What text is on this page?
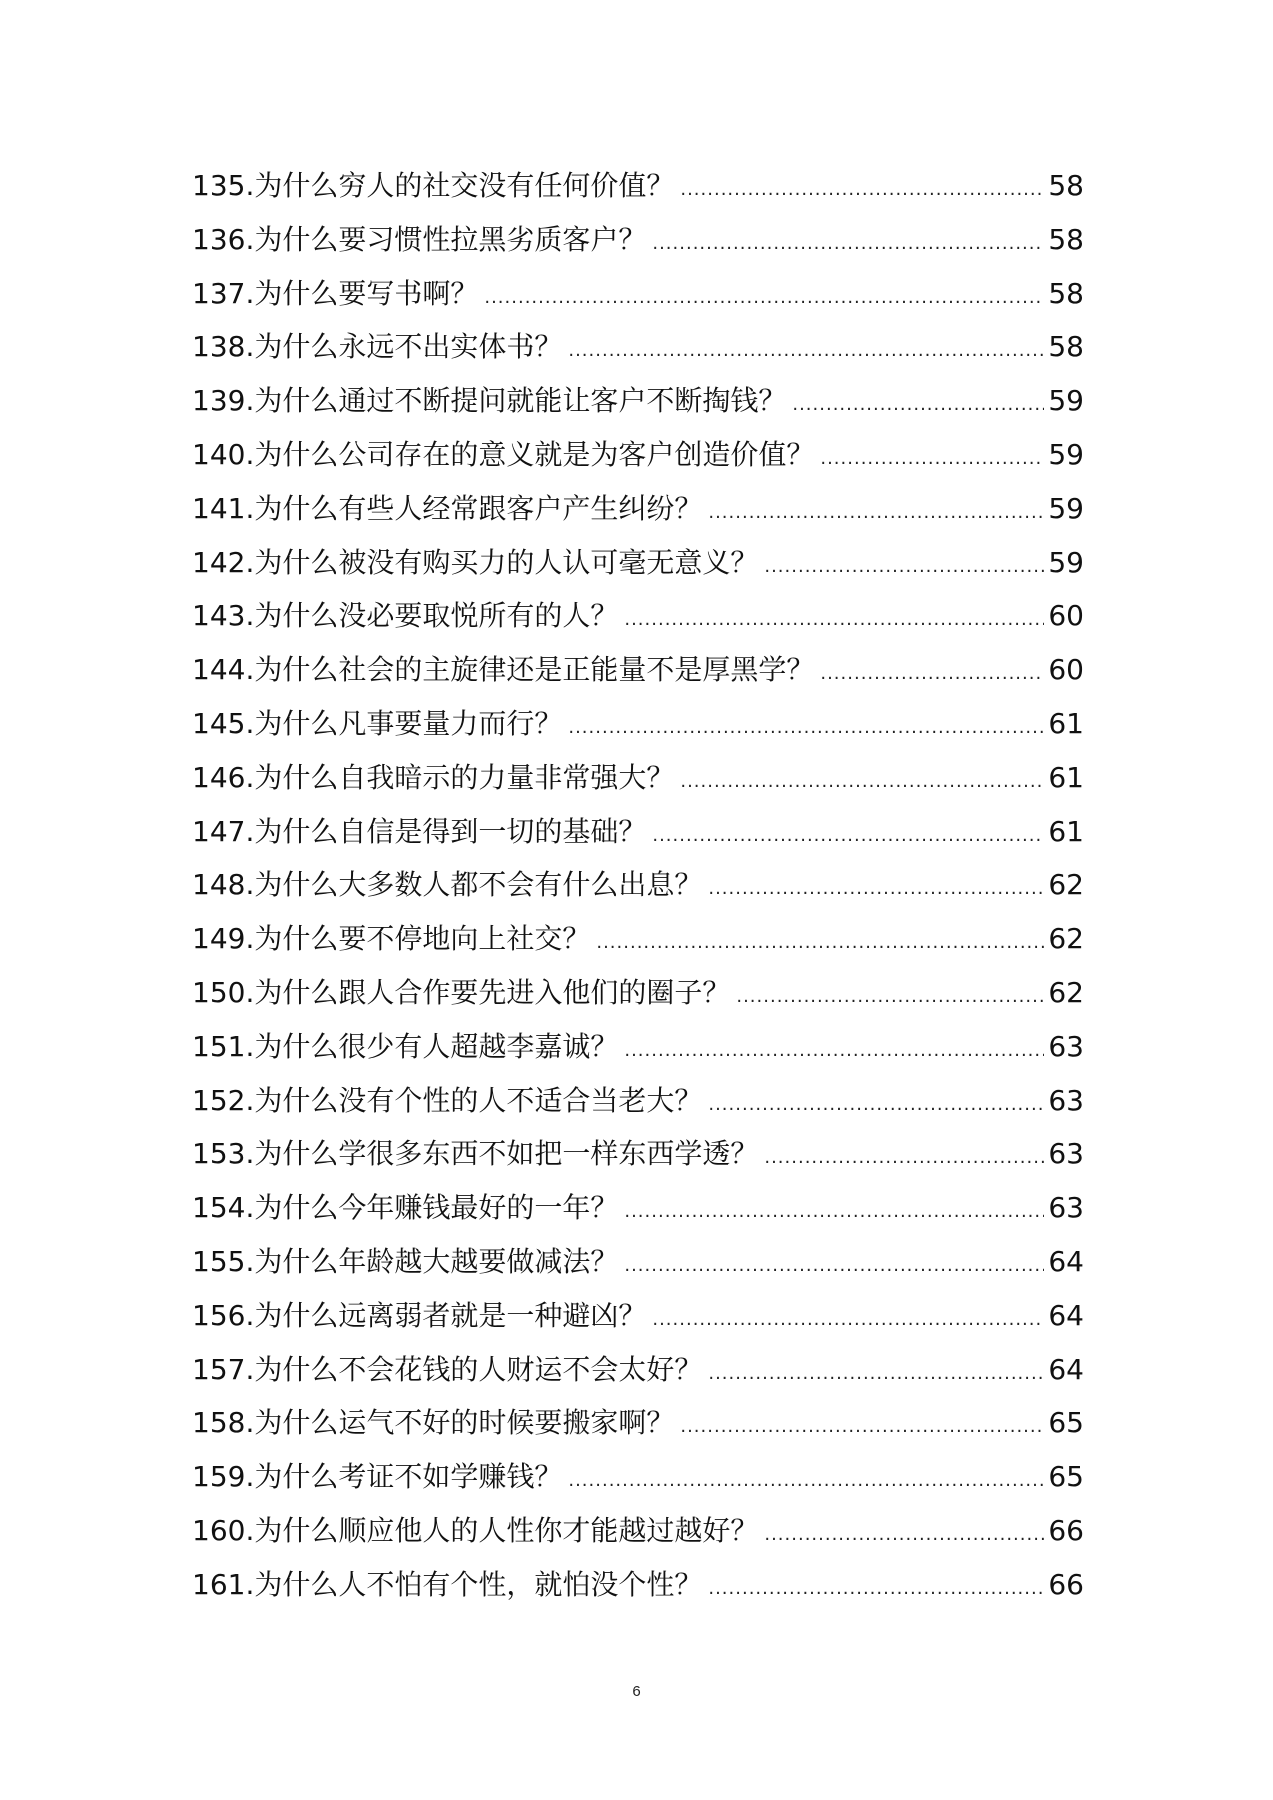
135.为什么穷人的社交没有任何价值？ .....	58
136.为什么要习惯性拉黑劣质客户？ .....	58
137.为什么要写书啊？ .....	58
138.为什么永远不出实体书？ .....	58
139.为什么通过不断提问就能让客户不断掏钱？ .....	59
140.为什么公司存在的意义就是为客户创造价值？ .....	59
141.为什么有些人经常跟客户产生纠纷？ .....	59
142.为什么被没有购买力的人认可毫无意义？ .....	59
143.为什么没必要取悦所有的人？ .....	60
144.为什么社会的主旋律还是正能量不是厚黑学？ .....	60
145.为什么凡事要量力而行？ .....	61
146.为什么自我暗示的力量非常强大？ .....	61
147.为什么自信是得到一切的基础？ .....	61
148.为什么大多数人都不会有什么出息？ .....	62
149.为什么要不停地向上社交？ .....	62
150.为什么跟人合作要先进入他们的圈子？ .....	62
151.为什么很少有人超越李嘉诚？ .....	63
152.为什么没有个性的人不适合当老大？ .....	63
153.为什么学很多东西不如把一样东西学透？ .....	63
154.为什么今年赚钱最好的一年？ .....	63
155.为什么年龄越大越要做减法？ .....	64
156.为什么远离弱者就是一种避凶？ .....	64
157.为什么不会花钱的人财运不会太好？ .....	64
158.为什么运气不好的时候要搬家啊？ .....	65
159.为什么考证不如学赚钱？ .....	65
160.为什么顺应他人的人性你才能越过越好？ .....	66
161.为什么人不怕有个性，就怕没个性？ .....	66
6
